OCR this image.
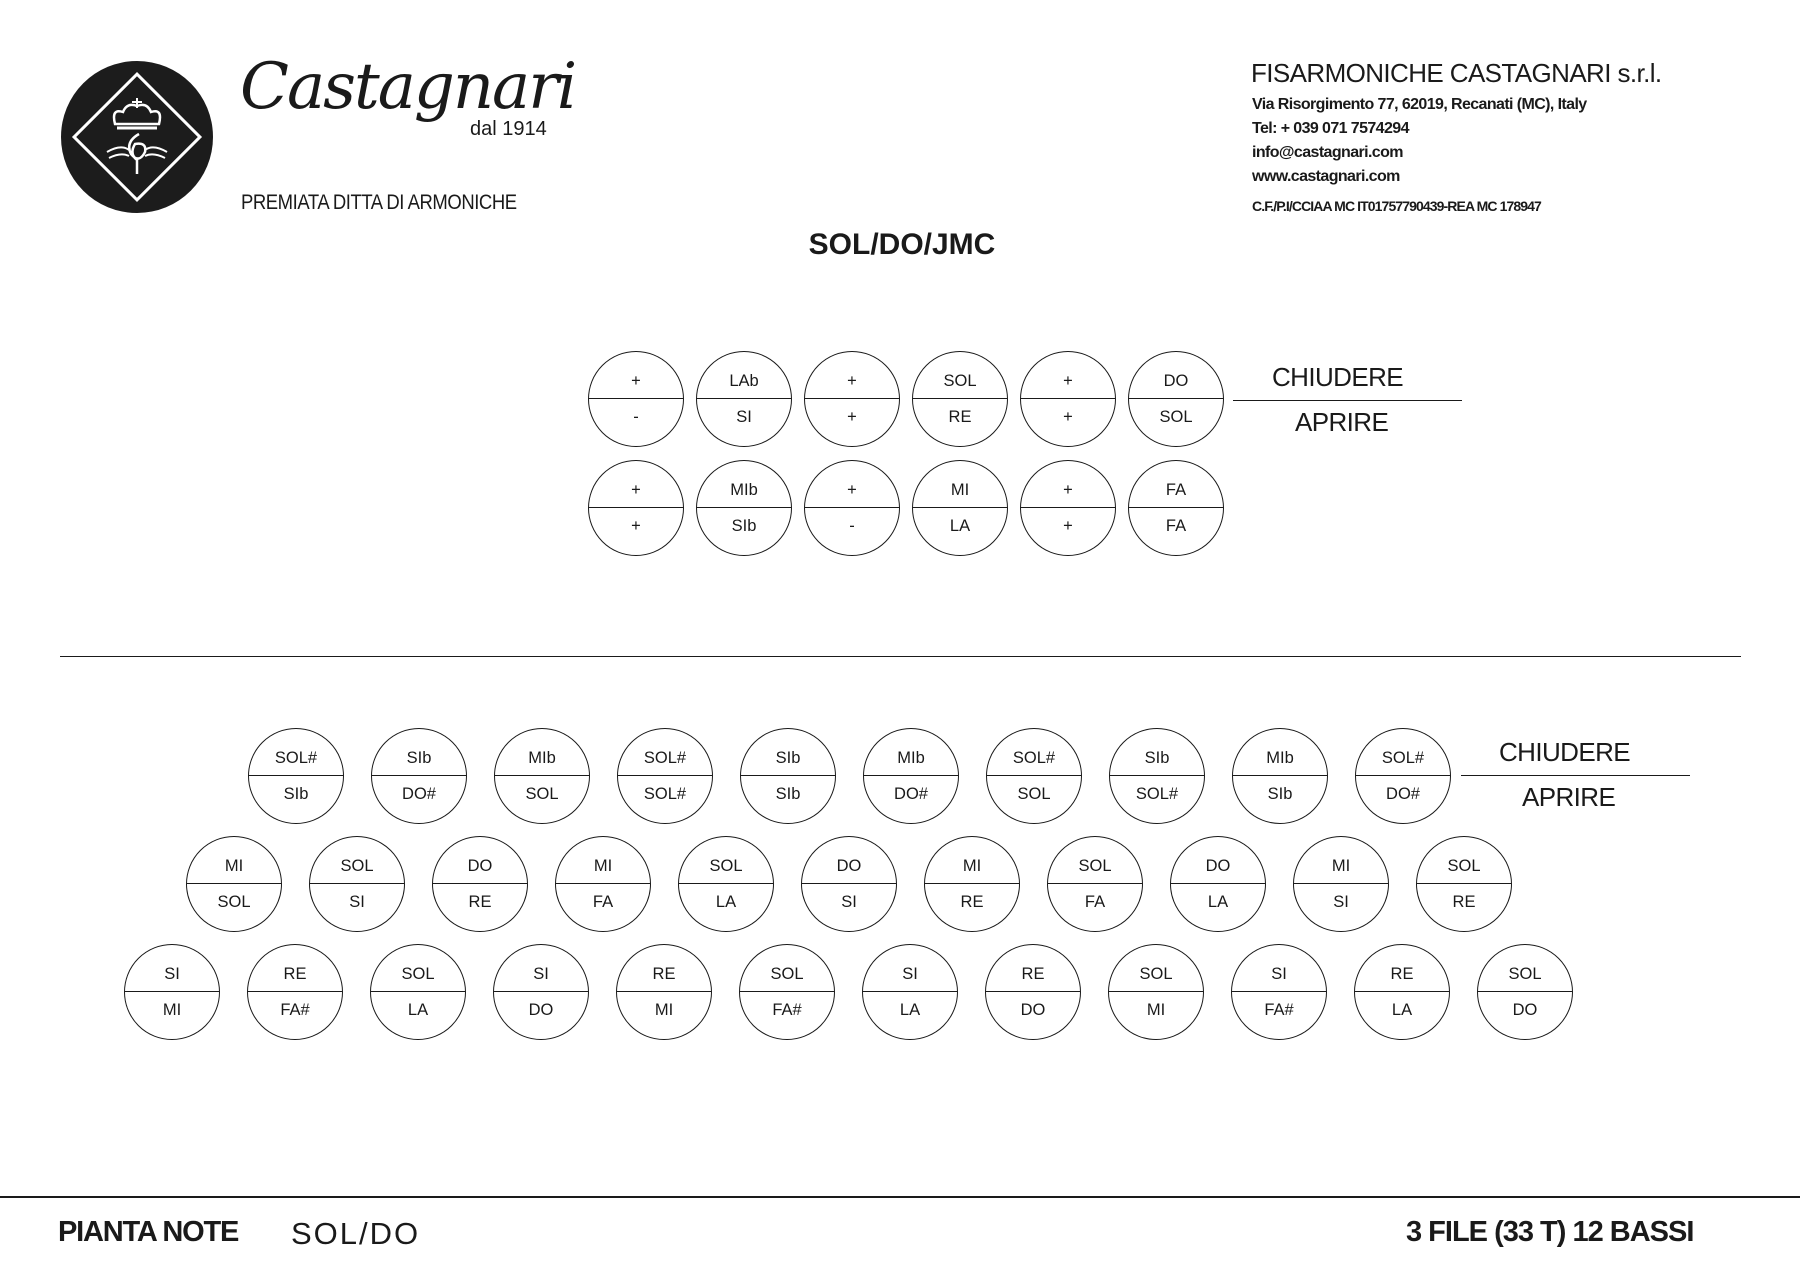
Castagnari
dal 1914
PREMIATA DITTA DI ARMONICHE
FISARMONICHE CASTAGNARI s.r.l.
Via Risorgimento 77, 62019, Recanati (MC), Italy
Tel: + 039 071 7574294
info@castagnari.com
www.castagnari.com
C.F./P.I/CCIAA MC IT01757790439-REA MC 178947
SOL/DO/JMC
+
-
LAb
SI
+
+
SOL
RE
+
+
DO
SOL
+
+
MIb
SIb
+
-
MI
LA
+
+
FA
FA
CHIUDERE
APRIRE
SOL#
SIb
SIb
DO#
MIb
SOL
SOL#
SOL#
SIb
SIb
MIb
DO#
SOL#
SOL
SIb
SOL#
MIb
SIb
SOL#
DO#
MI
SOL
SOL
SI
DO
RE
MI
FA
SOL
LA
DO
SI
MI
RE
SOL
FA
DO
LA
MI
SI
SOL
RE
SI
MI
RE
FA#
SOL
LA
SI
DO
RE
MI
SOL
FA#
SI
LA
RE
DO
SOL
MI
SI
FA#
RE
LA
SOL
DO
CHIUDERE
APRIRE
PIANTA NOTE SOL/DO	3 FILE (33 T) 12 BASSI
